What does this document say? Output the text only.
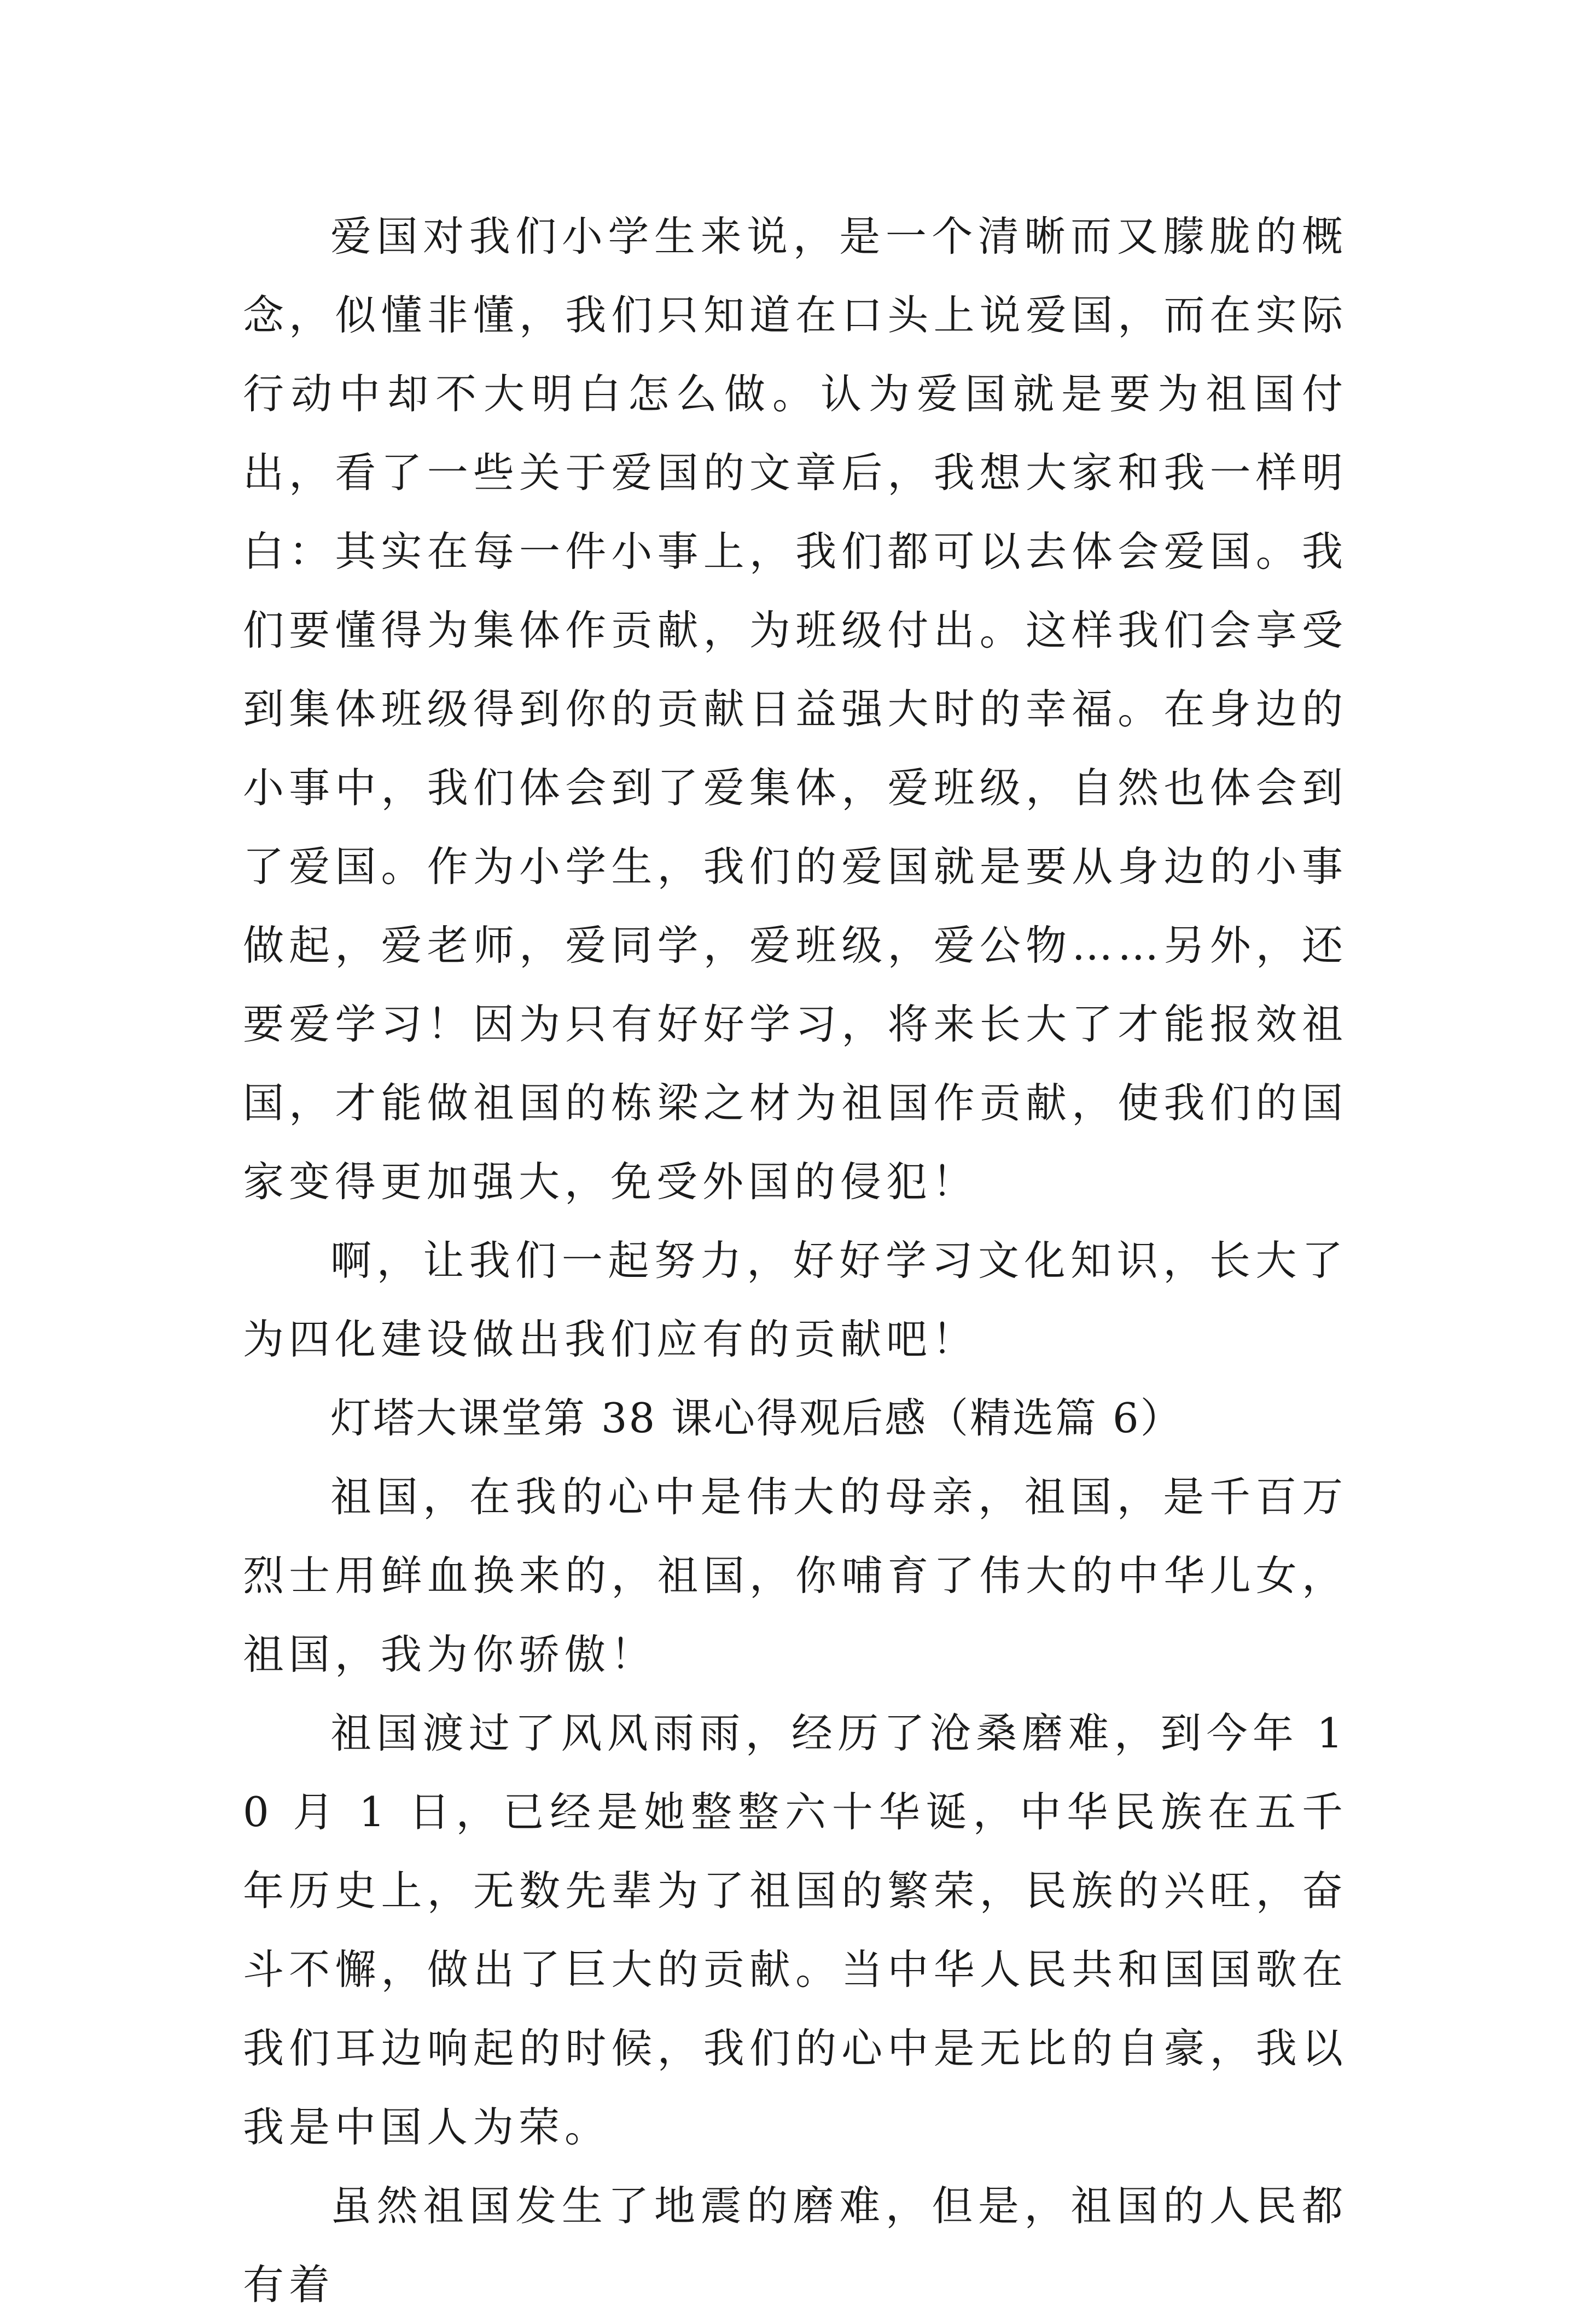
爱国对我们小学生来说，是一个清晰而又朦胧的概念，似懂非懂，我们只知道在口头上说爱国，而在实际行动中却不大明白怎么做。认为爱国就是要为祖国付出，看了一些关于爱国的文章后，我想大家和我一样明白：其实在每一件小事上，我们都可以去体会爱国。我们要懂得为集体作贡献，为班级付出。这样我们会享受到集体班级得到你的贡献日益强大时的幸福。在身边的小事中，我们体会到了爱集体，爱班级，自然也体会到了爱国。作为小学生，我们的爱国就是要从身边的小事做起，爱老师，爱同学，爱班级，爱公物……另外，还要爱学习！因为只有好好学习，将来长大了才能报效祖国，才能做祖国的栋梁之材为祖国作贡献，使我们的国家变得更加强大，免受外国的侵犯！

啊，让我们一起努力，好好学习文化知识，长大了为四化建设做出我们应有的贡献吧！

灯塔大课堂第 38 课心得观后感（精选篇 6）

祖国，在我的心中是伟大的母亲，祖国，是千百万烈士用鲜血换来的，祖国，你哺育了伟大的中华儿女，祖国，我为你骄傲！

祖国渡过了风风雨雨，经历了沧桑磨难，到今年 10 月 1 日，已经是她整整六十华诞，中华民族在五千年历史上，无数先辈为了祖国的繁荣，民族的兴旺，奋斗不懈，做出了巨大的贡献。当中华人民共和国国歌在我们耳边响起的时候，我们的心中是无比的自豪，我以我是中国人为荣。

虽然祖国发生了地震的磨难，但是，祖国的人民都有着
